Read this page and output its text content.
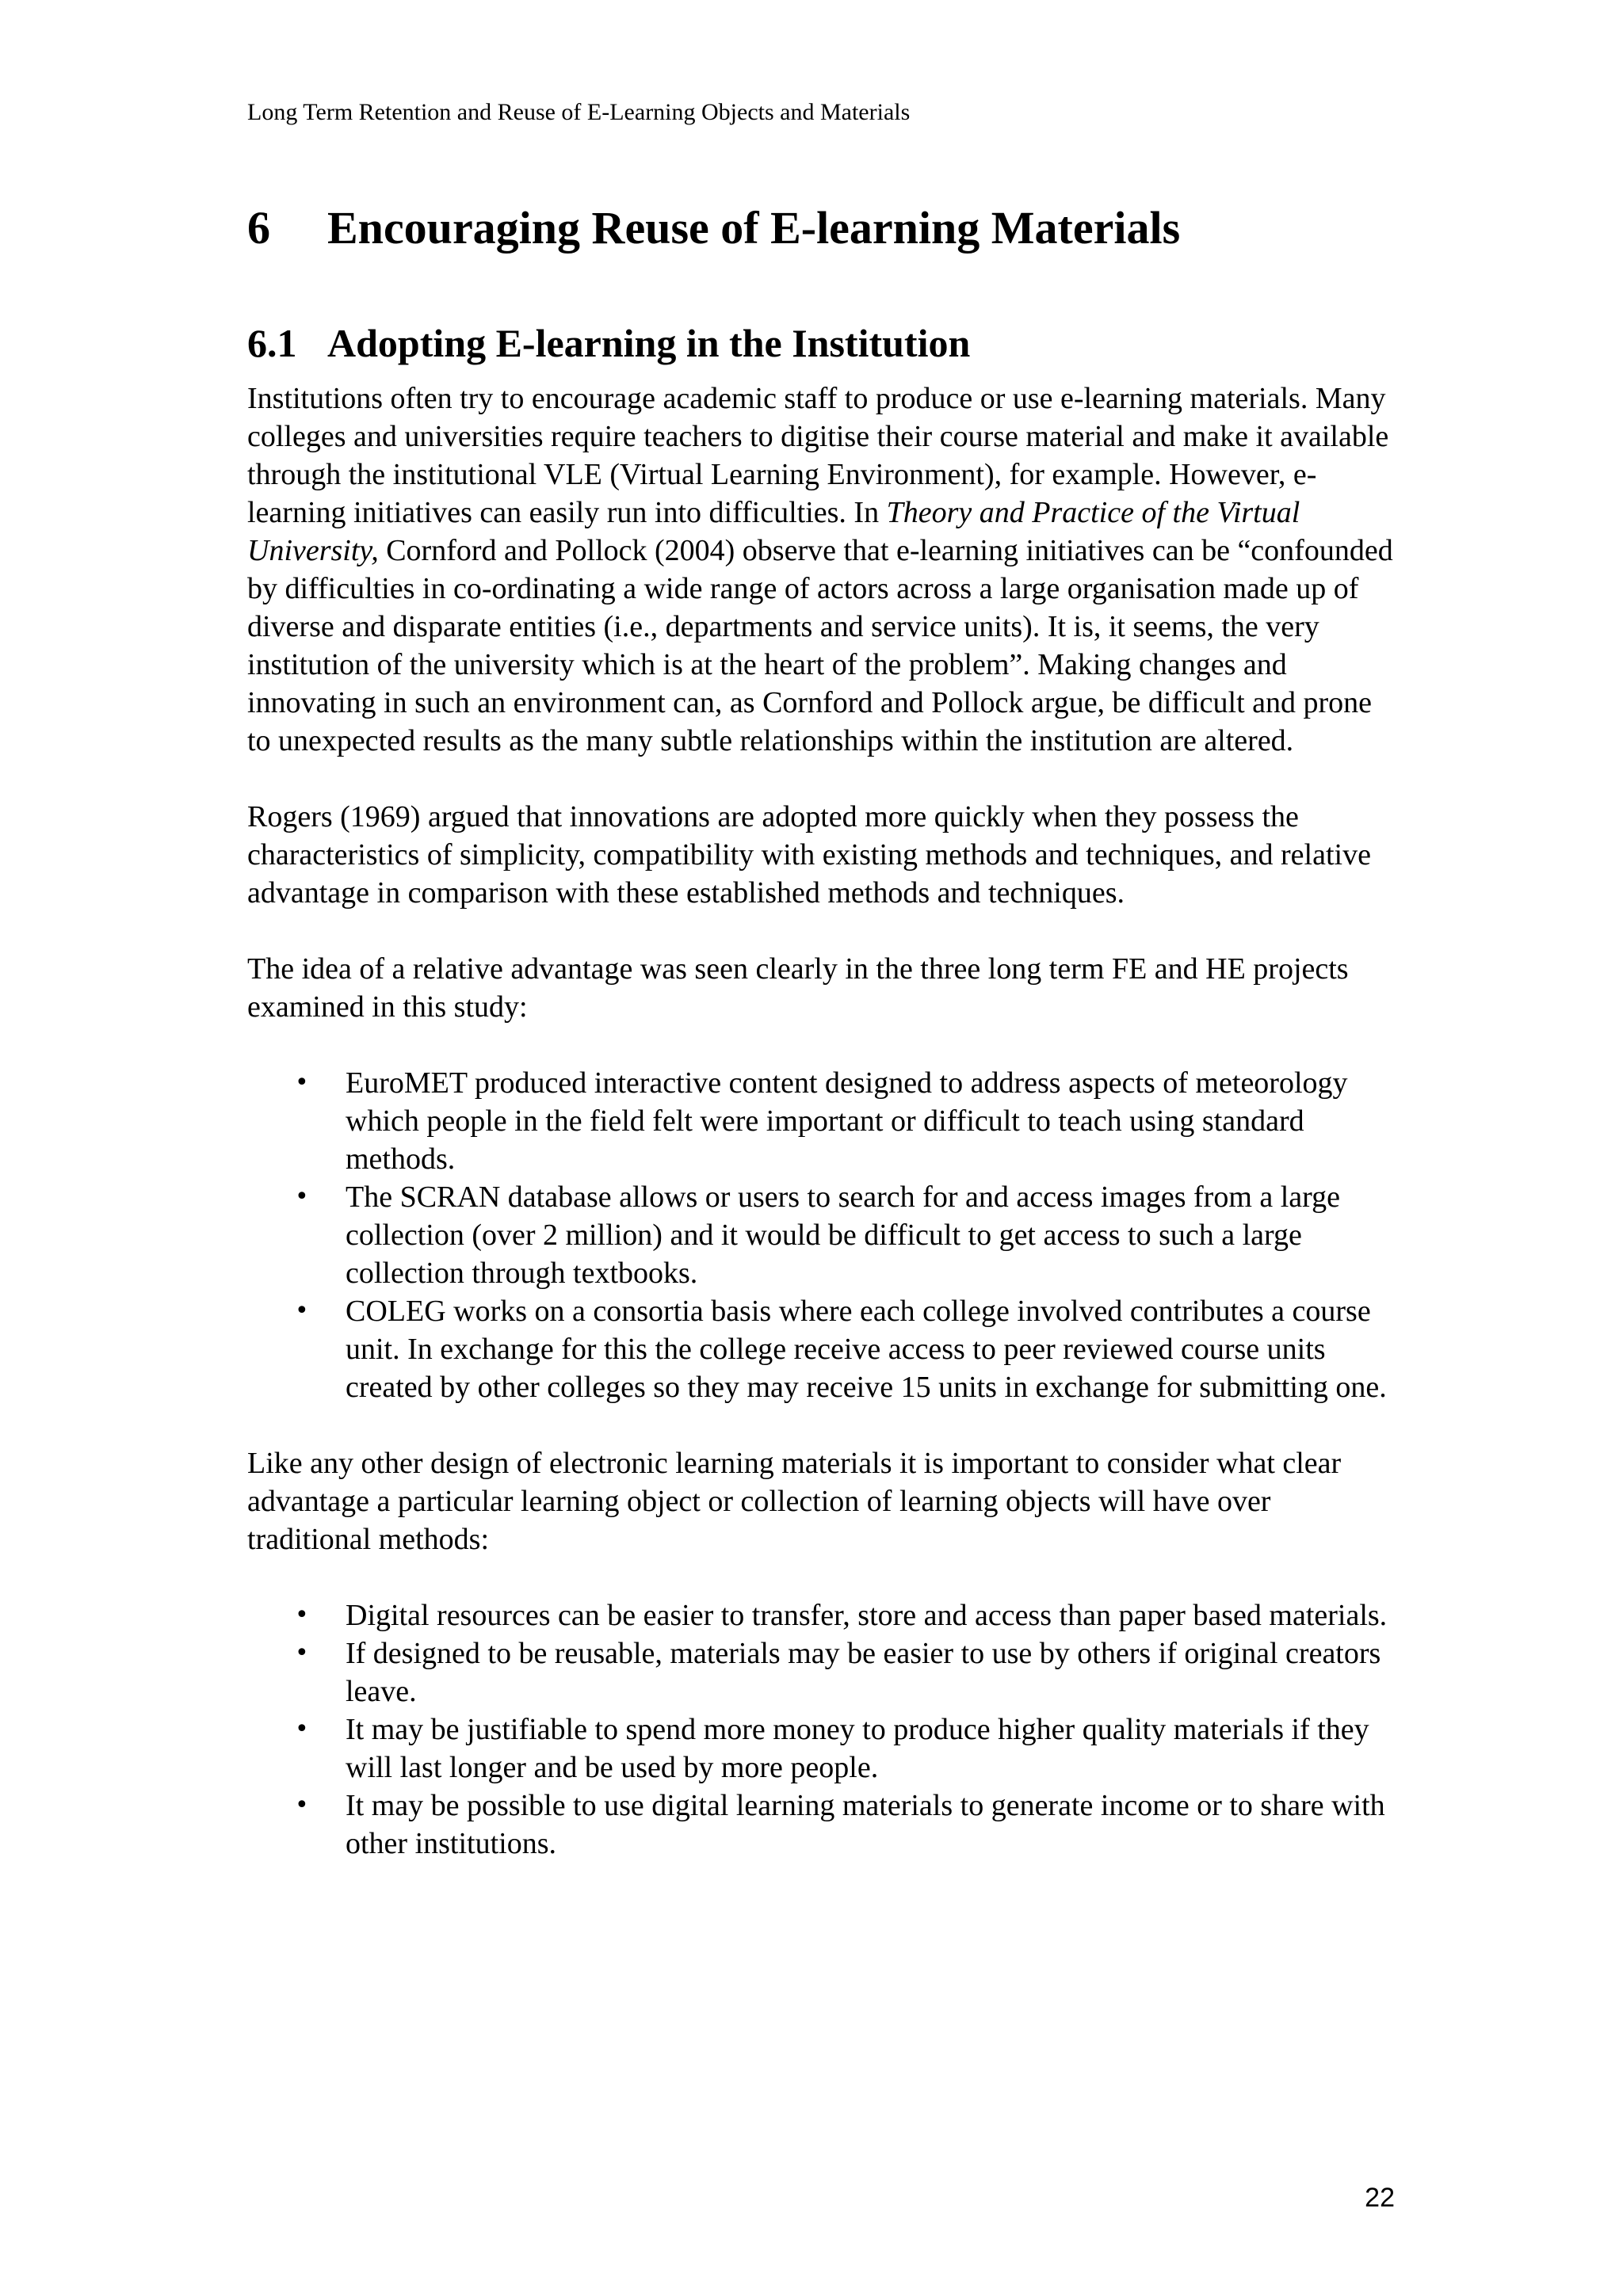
Long Term Retention and Reuse of E-Learning Objects and Materials
6 Encouraging Reuse of E-learning Materials
6.1 Adopting E-learning in the Institution

Institutions often try to encourage academic staff to produce or use e-learning materials. Many colleges and universities require teachers to digitise their course material and make it available through the institutional VLE (Virtual Learning Environment), for example. However, e-learning initiatives can easily run into difficulties. In Theory and Practice of the Virtual University, Cornford and Pollock (2004) observe that e-learning initiatives can be “confounded by difficulties in co-ordinating a wide range of actors across a large organisation made up of diverse and disparate entities (i.e., departments and service units). It is, it seems, the very institution of the university which is at the heart of the problem”. Making changes and innovating in such an environment can, as Cornford and Pollock argue, be difficult and prone to unexpected results as the many subtle relationships within the institution are altered.

Rogers (1969) argued that innovations are adopted more quickly when they possess the characteristics of simplicity, compatibility with existing methods and techniques, and relative advantage in comparison with these established methods and techniques.

The idea of a relative advantage was seen clearly in the three long term FE and HE projects examined in this study:

• EuroMET produced interactive content designed to address aspects of meteorology which people in the field felt were important or difficult to teach using standard methods.
• The SCRAN database allows or users to search for and access images from a large collection (over 2 million) and it would be difficult to get access to such a large collection through textbooks.
• COLEG works on a consortia basis where each college involved contributes a course unit. In exchange for this the college receive access to peer reviewed course units created by other colleges so they may receive 15 units in exchange for submitting one.

Like any other design of electronic learning materials it is important to consider what clear advantage a particular learning object or collection of learning objects will have over traditional methods:

• Digital resources can be easier to transfer, store and access than paper based materials.
• If designed to be reusable, materials may be easier to use by others if original creators leave.
• It may be justifiable to spend more money to produce higher quality materials if they will last longer and be used by more people.
• It may be possible to use digital learning materials to generate income or to share with other institutions.
22
